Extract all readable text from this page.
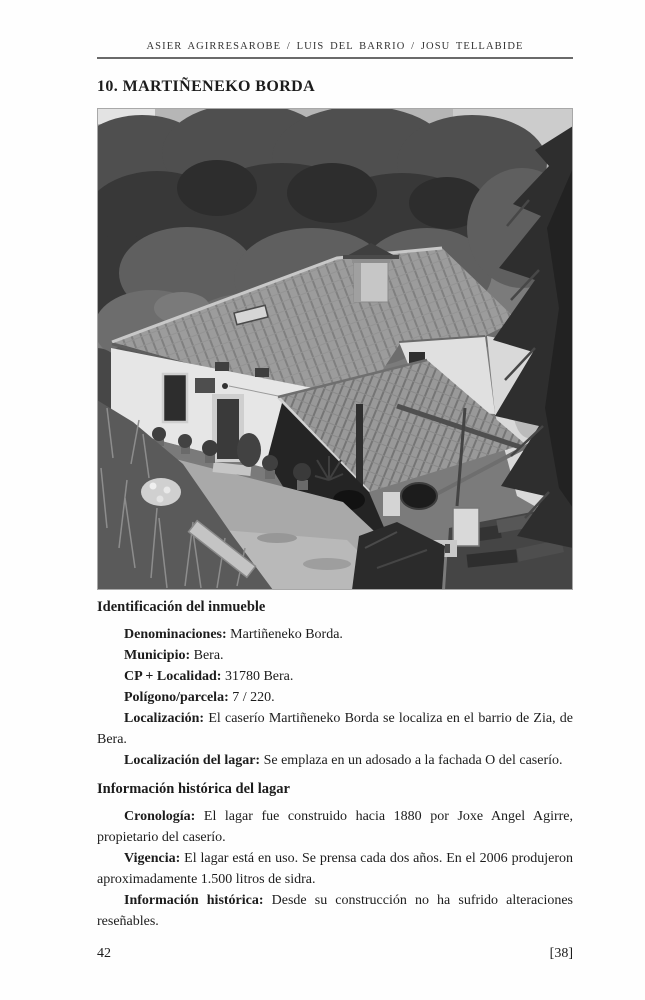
ASIER AGIRRESAROBE / LUIS DEL BARRIO / JOSU TELLABIDE
10. MARTIÑENEKO BORDA
Identificación del inmueble

Denominaciones: Martiñeneko Borda.

Municipio: Bera.

CP + Localidad: 31780 Bera.

Polígono/parcela: 7 / 220.

Localización: El caserío Martiñeneko Borda se localiza en el barrio de Zia, de Bera.

Localización del lagar: Se emplaza en un adosado a la fachada O del caserío.

Información histórica del lagar

Cronología: El lagar fue construido hacia 1880 por Joxe Angel Agirre, propietario del caserío.

Vigencia: El lagar está en uso. Se prensa cada dos años. En el 2006 produjeron aproximadamente 1.500 litros de sidra.

Información histórica: Desde su construcción no ha sufrido alteraciones reseñables.

42	[38]
